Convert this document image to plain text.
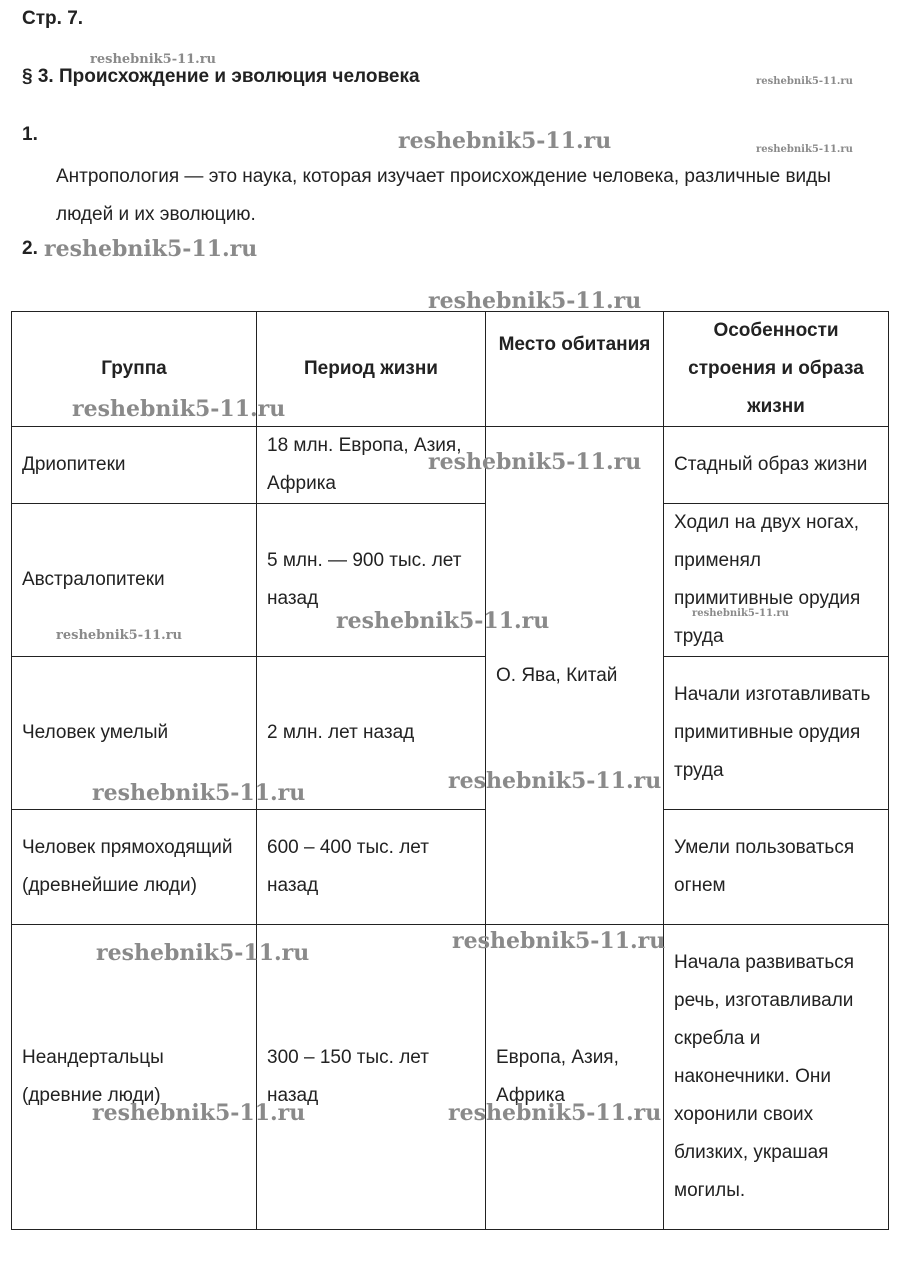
Стр. 7.
§ 3. Происхождение и эволюция человека
1.
Антропология — это наука, которая изучает происхождение человека, различные виды людей и их эволюцию.
2.
Группа	Период жизни	Место обитания	Особенности строения и образа жизни
Дриопитеки	18 млн. Европа, Азия, Африка	О. Ява, Китай	Стадный образ жизни
Австралопитеки	5 млн. — 900 тыс. лет назад		Ходил на двух ногах, применял примитивные орудия труда
Человек умелый	2 млн. лет назад		Начали изготавливать примитивные орудия труда
Человек прямоходящий (древнейшие люди)	600 – 400 тыс. лет назад		Умели пользоваться огнем
Неандертальцы (древние люди)	300 – 150 тыс. лет назад	Европа, Азия, Африка	Начала развиваться речь, изготавливали скребла и наконечники. Они хоронили своих близких, украшая могилы.
reshebnik5-11.ru
reshebnik5-11.ru
reshebnik5-11.ru	reshebnik5-11.ru
reshebnik5-11.ru
reshebnik5-11.ru
reshebnik5-11.ru
reshebnik5-11.ru
reshebnik5-11.ru
reshebnik5-11.ru
reshebnik5-11.ru
reshebnik5-11.ru
reshebnik5-11.ru
reshebnik5-11.ru
reshebnik5-11.ru
reshebnik5-11.ru	reshebnik5-11.ru
